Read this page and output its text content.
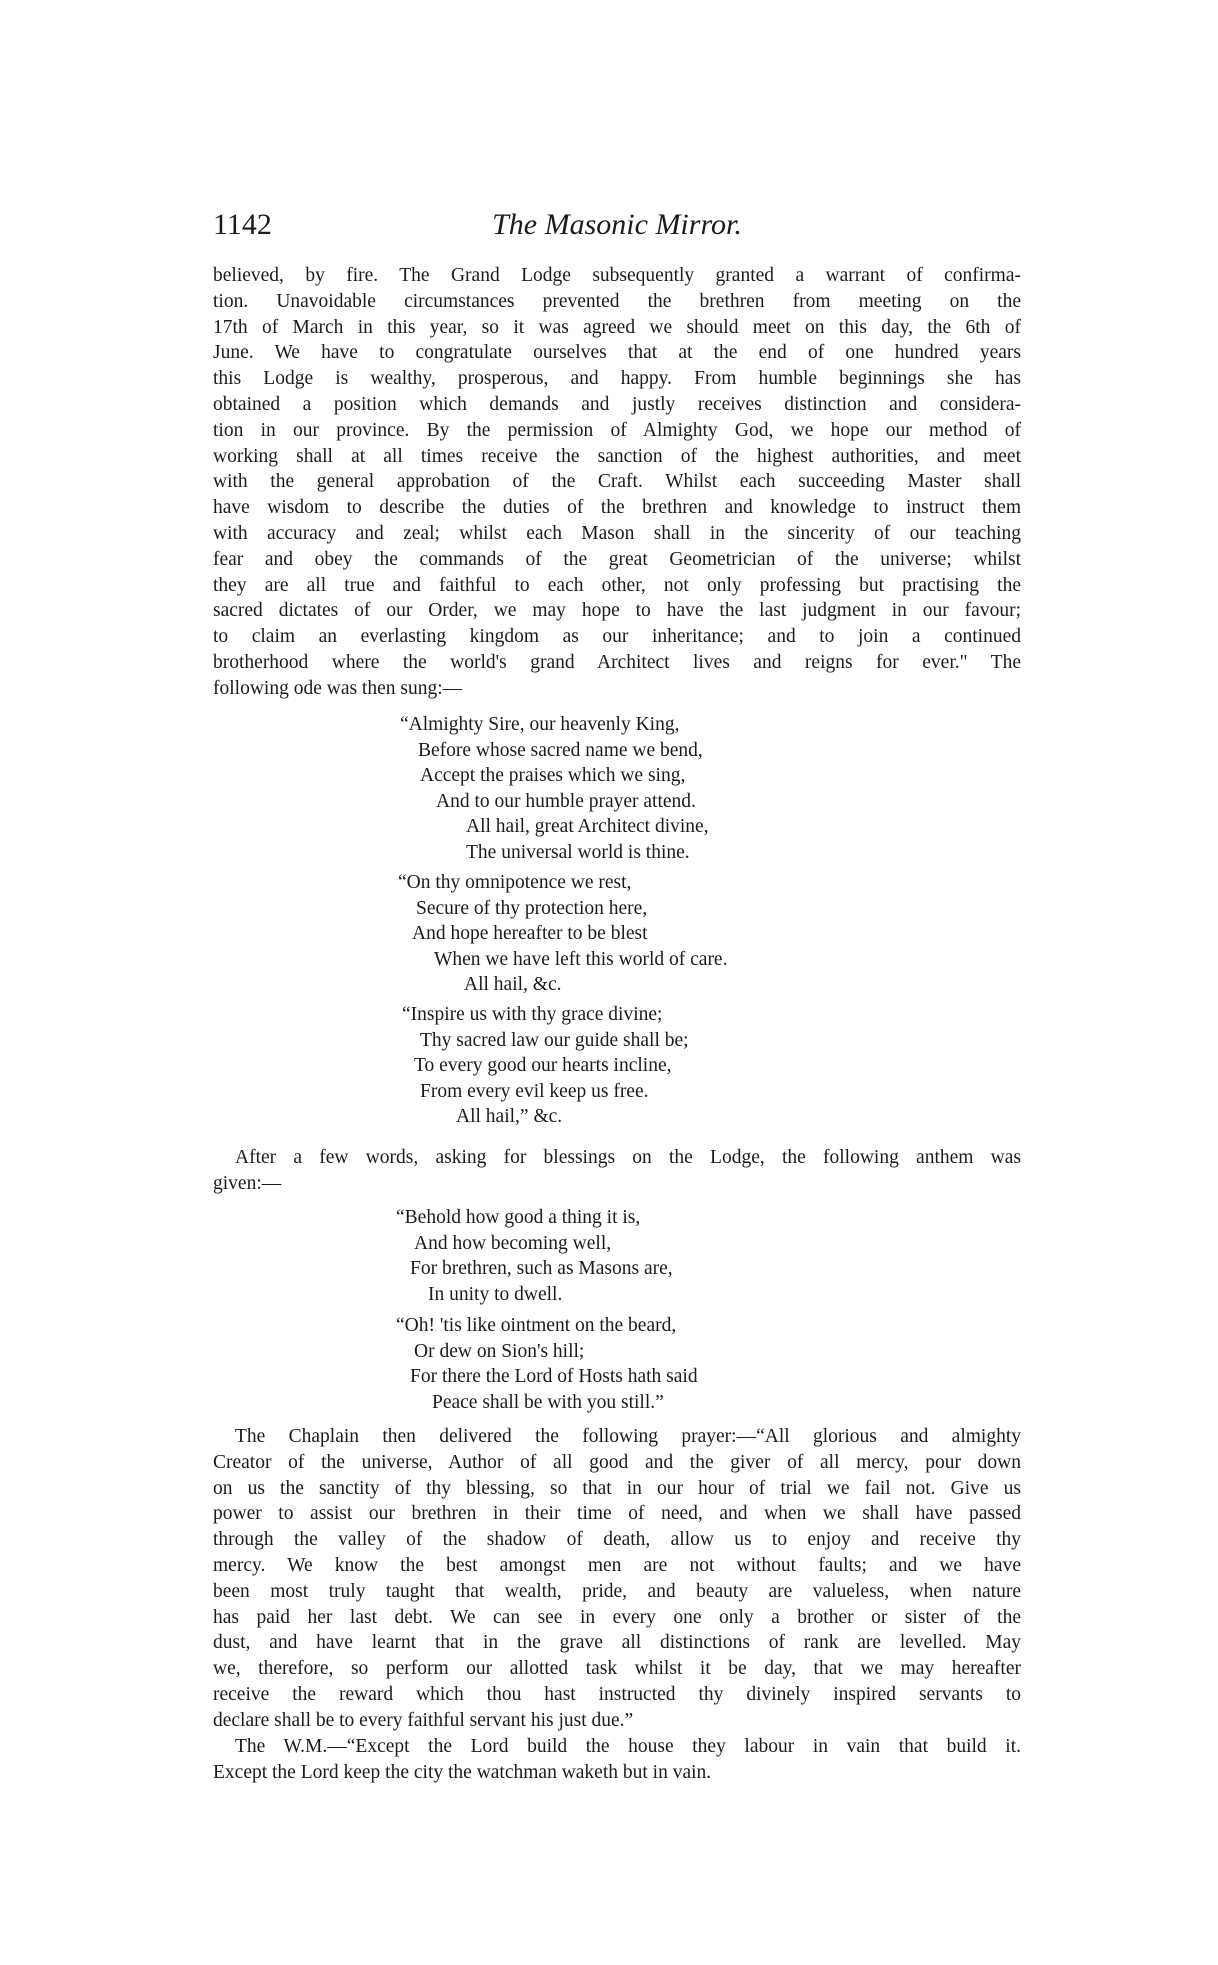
1142	The Masonic Mirror.
believed, by fire. The Grand Lodge subsequently granted a warrant of confirma-
tion. Unavoidable circumstances prevented the brethren from meeting on the
17th of March in this year, so it was agreed we should meet on this day, the 6th of
June. We have to congratulate ourselves that at the end of one hundred years
this Lodge is wealthy, prosperous, and happy. From humble beginnings she has
obtained a position which demands and justly receives distinction and considera-
tion in our province. By the permission of Almighty God, we hope our method of
working shall at all times receive the sanction of the highest authorities, and meet
with the general approbation of the Craft. Whilst each succeeding Master shall
have wisdom to describe the duties of the brethren and knowledge to instruct them
with accuracy and zeal; whilst each Mason shall in the sincerity of our teaching
fear and obey the commands of the great Geometrician of the universe; whilst
they are all true and faithful to each other, not only professing but practising the
sacred dictates of our Order, we may hope to have the last judgment in our favour;
to claim an everlasting kingdom as our inheritance; and to join a continued
brotherhood where the world's grand Architect lives and reigns for ever." The
following ode was then sung:—
“Almighty Sire, our heavenly King,
Before whose sacred name we bend,
Accept the praises which we sing,
And to our humble prayer attend.
All hail, great Architect divine,
The universal world is thine.
“On thy omnipotence we rest,
Secure of thy protection here,
And hope hereafter to be blest
When we have left this world of care.
All hail, &c.
“Inspire us with thy grace divine;
Thy sacred law our guide shall be;
To every good our hearts incline,
From every evil keep us free.
All hail,” &c.
After a few words, asking for blessings on the Lodge, the following anthem was
given:—
“Behold how good a thing it is,
And how becoming well,
For brethren, such as Masons are,
In unity to dwell.
“Oh! 'tis like ointment on the beard,
Or dew on Sion's hill;
For there the Lord of Hosts hath said
Peace shall be with you still.”
The Chaplain then delivered the following prayer:—“All glorious and almighty
Creator of the universe, Author of all good and the giver of all mercy, pour down
on us the sanctity of thy blessing, so that in our hour of trial we fail not. Give us
power to assist our brethren in their time of need, and when we shall have passed
through the valley of the shadow of death, allow us to enjoy and receive thy
mercy. We know the best amongst men are not without faults; and we have
been most truly taught that wealth, pride, and beauty are valueless, when nature
has paid her last debt. We can see in every one only a brother or sister of the
dust, and have learnt that in the grave all distinctions of rank are levelled. May
we, therefore, so perform our allotted task whilst it be day, that we may hereafter
receive the reward which thou hast instructed thy divinely inspired servants to
declare shall be to every faithful servant his just due.”
The W.M.—“Except the Lord build the house they labour in vain that build it.
Except the Lord keep the city the watchman waketh but in vain.
